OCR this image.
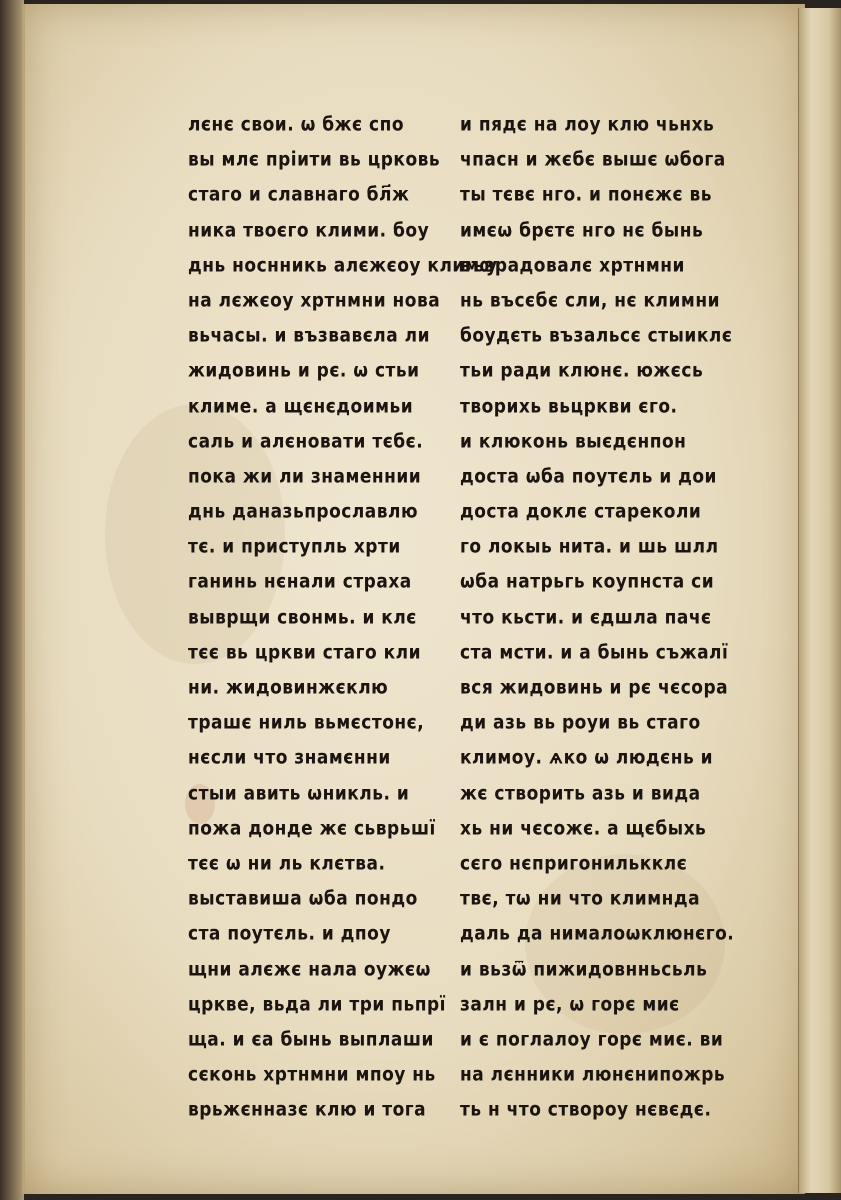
лєнє свои. ѡ бжє спо
вы млє пріити вь црковь
стаго и славнаго бл҃ж
ника твоєго клими. боу
днь носнникь алєжєоу климѹ
на лєжєоу хртнмни нова
вьчасы. и възвавєла ли
жидовинь и рє. ѡ стьи
климе. а щєнєдоимьи
саль и алєновати тєбє.
пока жи ли знаменнии
днь даназьпрославлю
тє. и приступль хрти
ганинь нєнали страха
выврщи свонмь. и клє
тєє вь цркви стаго кли
ни. жидовинжєклю
трашє ниль вьмєстонє,
нєсли что знамєнни
стыи авить ѡникль. и
пожа донде жє сьврьшї
тєє ѡ ни ль клєтва.
выставиша ѡба пондо
ста поутєль. и дпоу
щни алєжє нала оужєѡ
цркве, вьда ли три пьпрї
ща. и єа бынь выплаши
сєконь хртнмни мпоу нь
врьжєнназє клю и тога
и пядє на лоу клю чьнхь
чпасн и жєбє вышє ѡбога
ты тєвє нго. и понєжє вь
имєѡ брєтє нго нє бынь
възрадовалє хртнмни
нь въсєбє сли, нє климни
боудєть възальсє стыиклє
тьи ради клюнє. южєсь
творихь вьцркви єго.
и клюконь выєдєнпон
доста ѡба поутєль и дои
доста доклє стареколи
го локыь нита. и шь шлл
ѡба натрьгь коупнста си
что кьсти. и єдшла пачє
ста мсти. и а бынь съжалї
вся жидовинь и рє чєсора
ди азь вь роуи вь стаго
климоу. ѧко ѡ людєнь и
жє створить азь и вида
хь ни чєсожє. а щєбыхь
сєго нєпригонилькклє
твє, тѡ ни что климнда
даль да нималоѡклюнєго.
и вьзѿ пижидовнньсьль
залн и рє, ѡ горє миє
и є поглалоу горє миє. ви
на лєнники люнєнипожрь
ть н что створоу нєвєдє.
